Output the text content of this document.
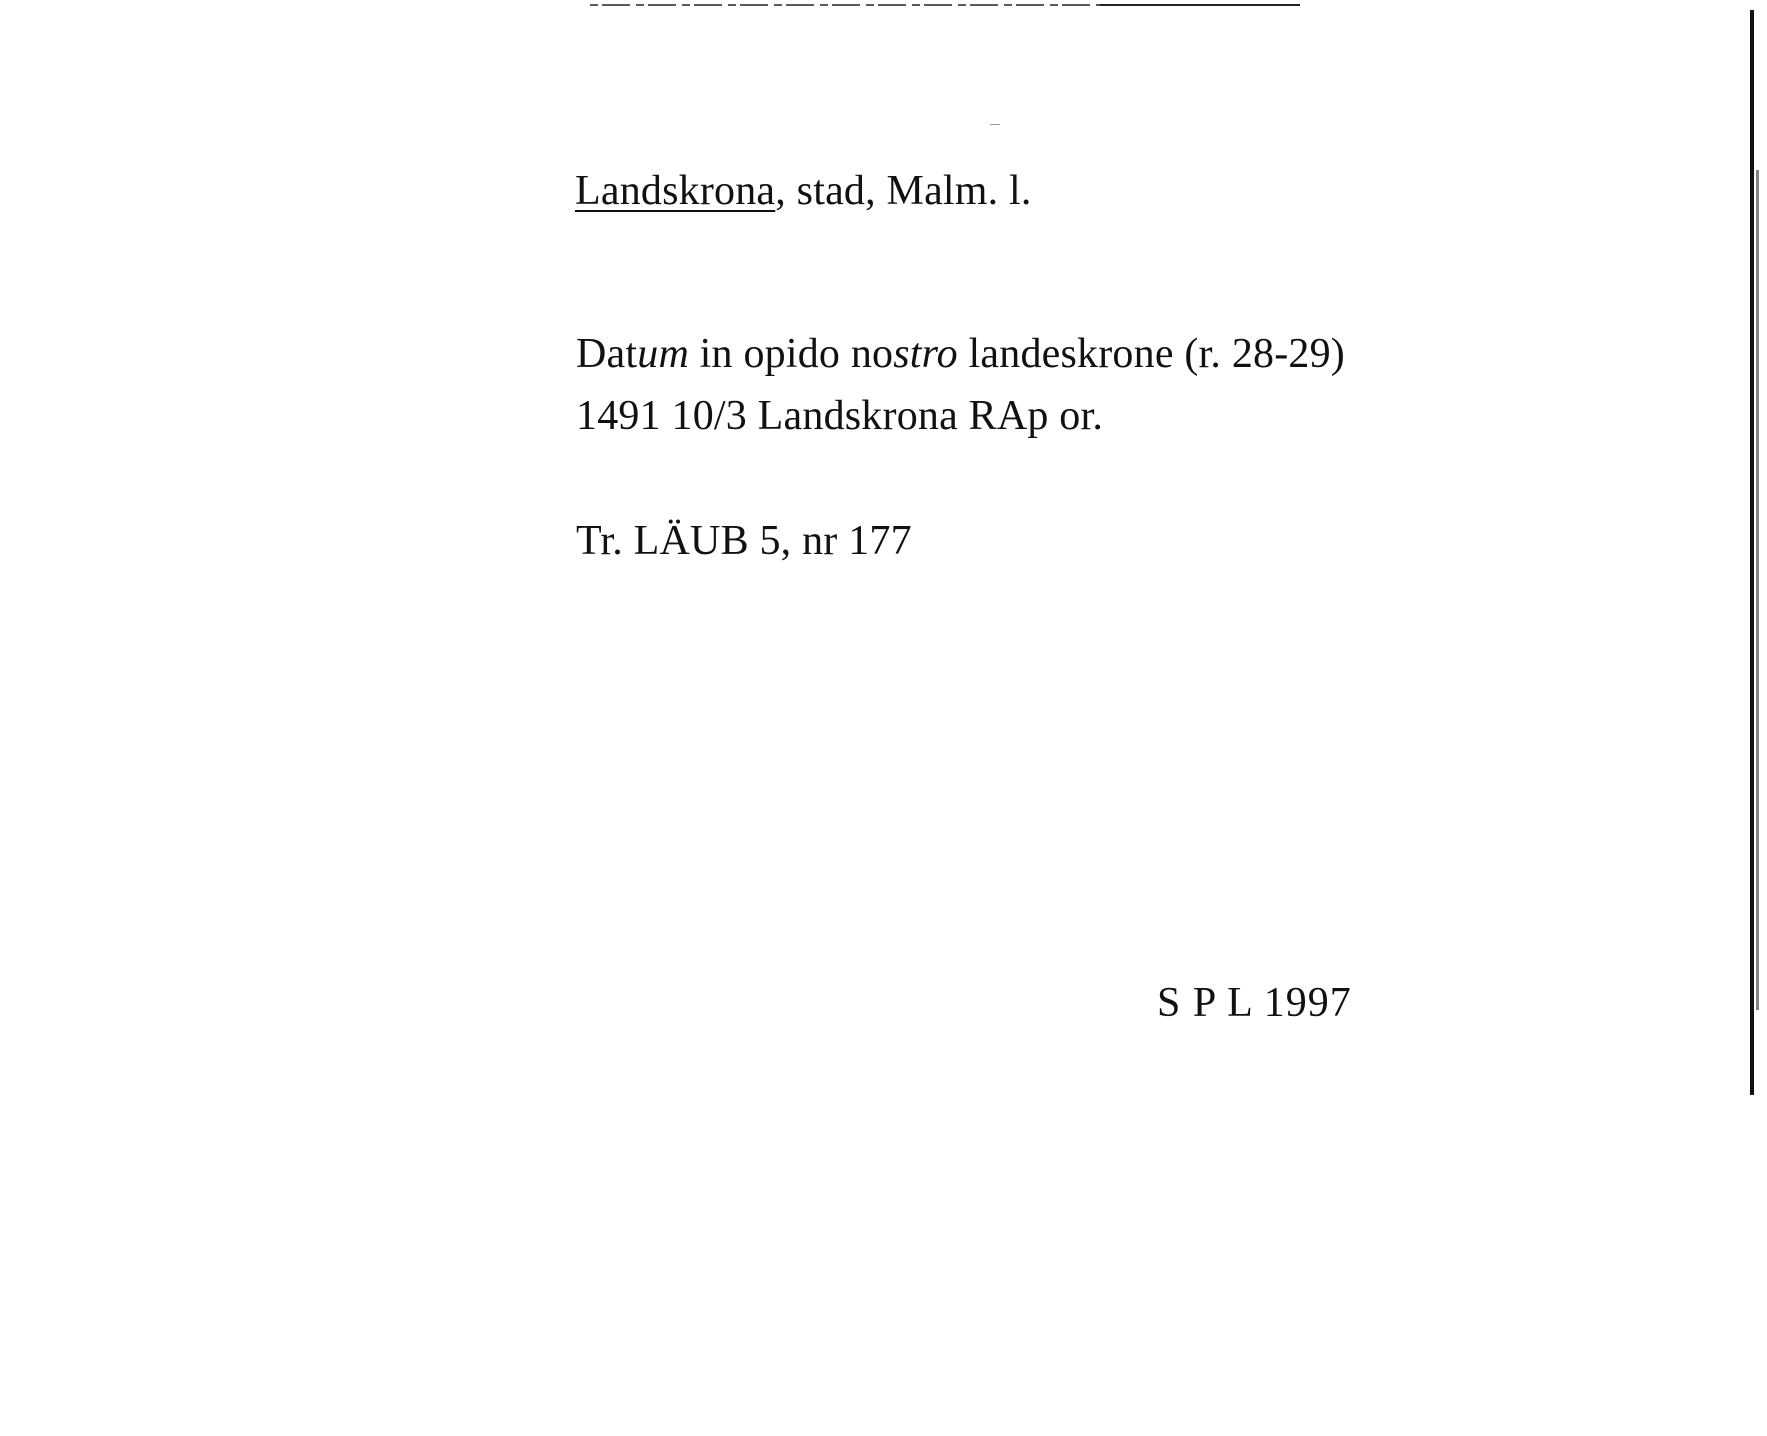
Landskrona, stad, Malm. l.
Datum in opido nostro landeskrone (r. 28-29)
1491 10/3 Landskrona RAp or.
Tr. LÄUB 5, nr 177
S P L 1997
